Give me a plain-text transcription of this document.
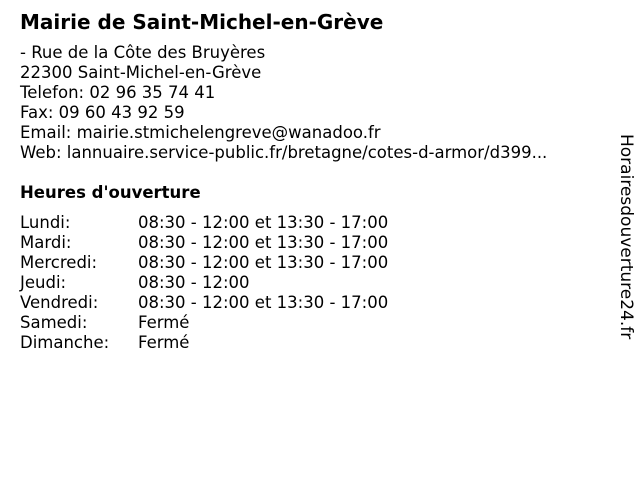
Mairie de Saint-Michel-en-Grève
- Rue de la Côte des Bruyères
22300 Saint-Michel-en-Grève
Telefon: 02 96 35 74 41
Fax: 09 60 43 92 59
Email: mairie.stmichelengreve@wanadoo.fr
Web: lannuaire.service-public.fr/bretagne/cotes-d-armor/d399...
Heures d'ouverture
Lundi:	08:30 - 12:00 et 13:30 - 17:00
Mardi:	08:30 - 12:00 et 13:30 - 17:00
Mercredi: 08:30 - 12:00 et 13:30 - 17:00
Jeudi:	08:30 - 12:00
Vendredi: 08:30 - 12:00 et 13:30 - 17:00
Samedi:	Fermé
Dimanche: Fermé
Horairesdouverture24.fr
